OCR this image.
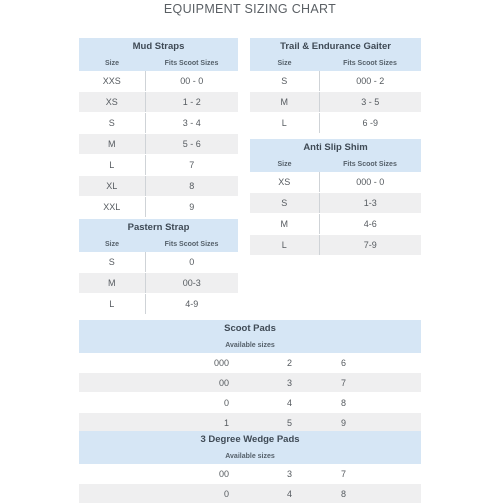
EQUIPMENT SIZING CHART
Mud Straps	
Size	Fits Scoot Sizes
XXS	00 - 0
XS	1 - 2
S	3 - 4
M	5 - 6
L	7
XL	8
XXL	9
Trail & Endurance Gaiter	
Size	Fits Scoot Sizes
S	000 - 2
M	3 - 5
L	6 -9
Anti Slip Shim	
Size	Fits Scoot Sizes
XS	000 - 0
S	1-3
M	4-6
L	7-9
Pastern Strap	
Size	Fits Scoot Sizes
S	0
M	00-3
L	4-9
Scoot Pads			
Available sizes			
000		2	6
00		3	7
0		4	8
1		5	9
3 Degree Wedge Pads			
Available sizes			
00		3	7
0		4	8
